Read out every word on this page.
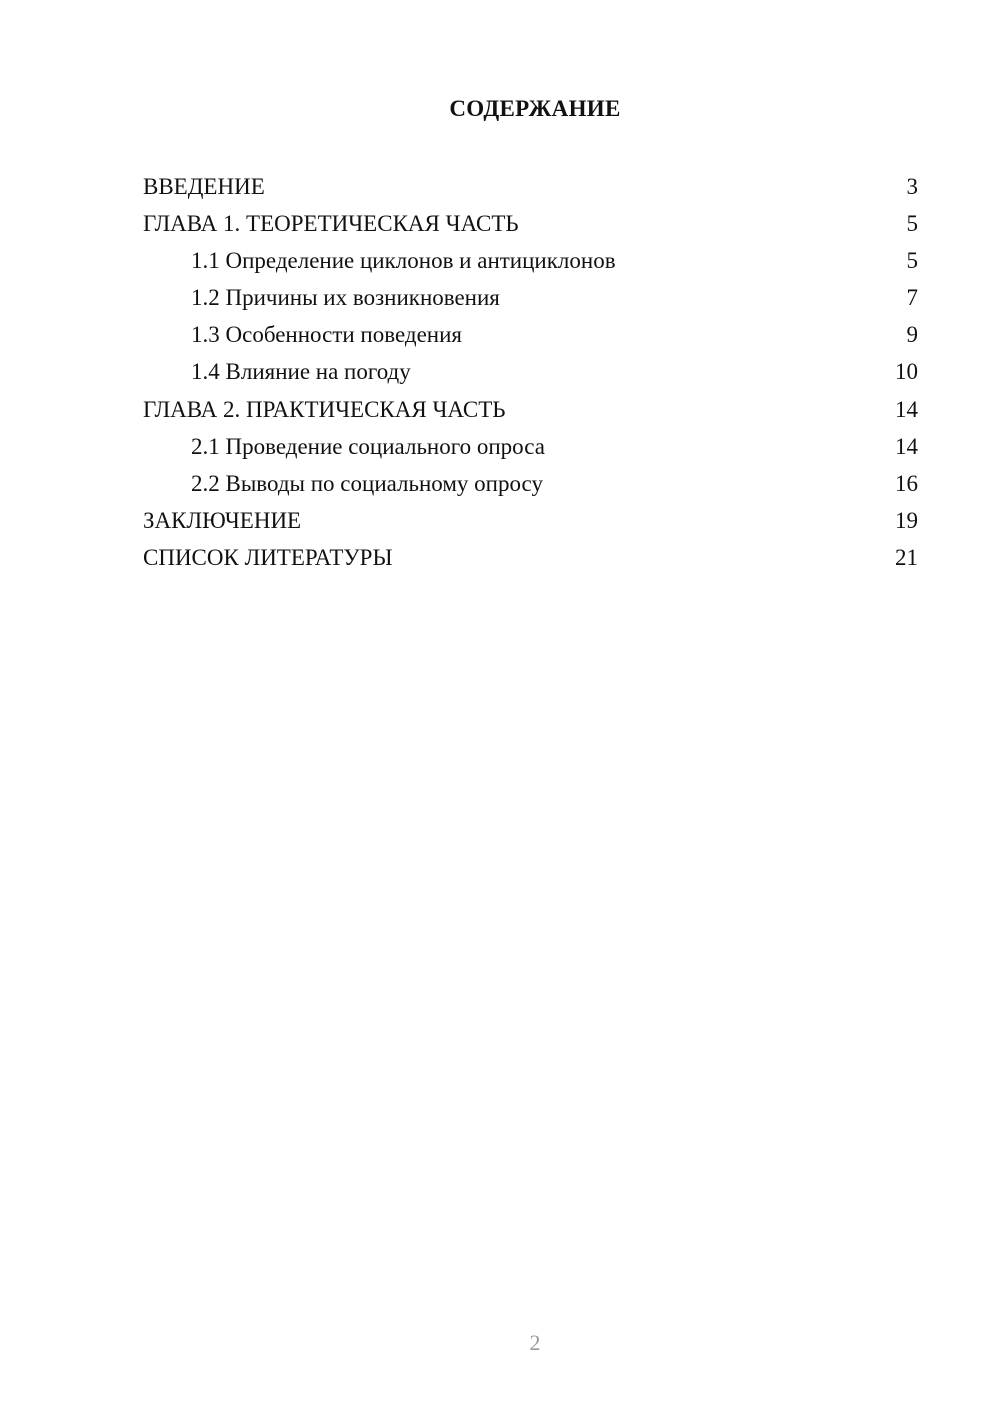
СОДЕРЖАНИЕ
ВВЕДЕНИЕ	3
ГЛАВА 1. ТЕОРЕТИЧЕСКАЯ ЧАСТЬ	5
1.1 Определение циклонов и антициклонов	5
1.2 Причины их возникновения	7
1.3 Особенности поведения	9
1.4 Влияние на погоду	10
ГЛАВА 2. ПРАКТИЧЕСКАЯ ЧАСТЬ	14
2.1 Проведение социального опроса	14
2.2 Выводы по социальному опросу	16
ЗАКЛЮЧЕНИЕ	19
СПИСОК ЛИТЕРАТУРЫ	21
2
